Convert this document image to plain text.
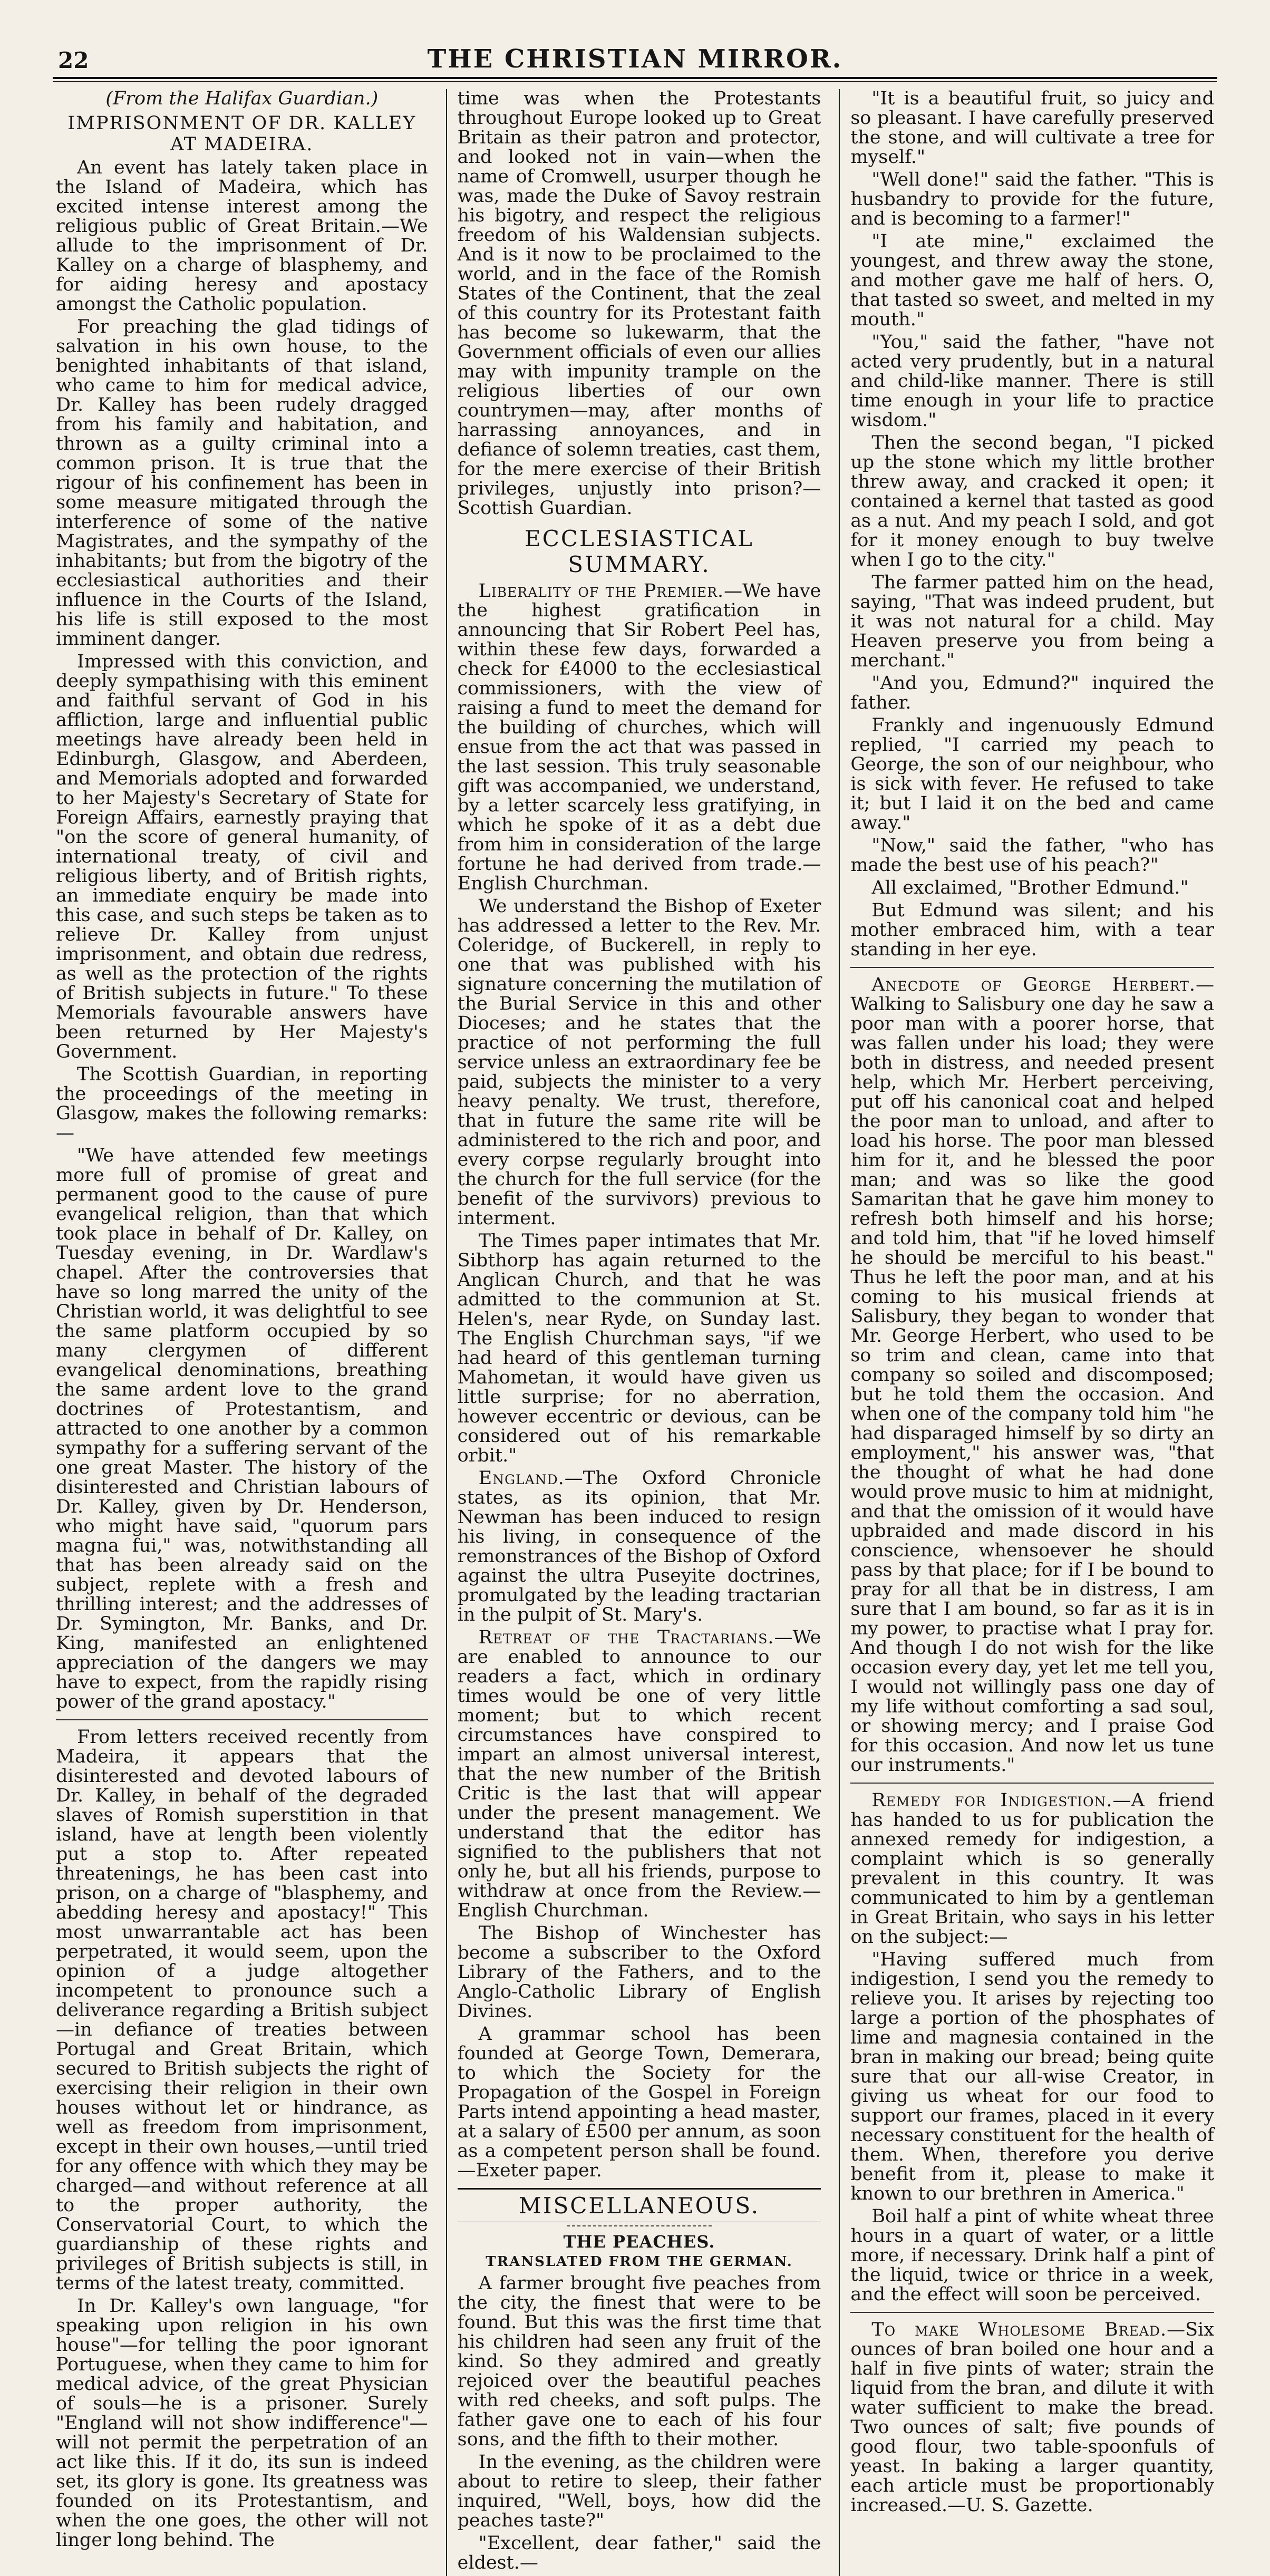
22	THE CHRISTIAN MIRROR.

(From the Halifax Guardian.)

IMPRISONMENT OF DR. KALLEY AT MADEIRA.

An event has lately taken place in the Island of Madeira, which has excited intense interest among the religious public of Great Britain.—We allude to the imprisonment of Dr. Kalley on a charge of blasphemy, and for aiding heresy and apostacy amongst the Catholic population.

For preaching the glad tidings of salvation in his own house, to the benighted inhabitants of that island, who came to him for medical advice, Dr. Kalley has been rudely dragged from his family and habitation, and thrown as a guilty criminal into a common prison. It is true that the rigour of his confinement has been in some measure mitigated through the interference of some of the native Magistrates, and the sympathy of the inhabitants; but from the bigotry of the ecclesiastical authorities and their influence in the Courts of the Island, his life is still exposed to the most imminent danger.

Impressed with this conviction, and deeply sympathising with this eminent and faithful servant of God in his affliction, large and influential public meetings have already been held in Edinburgh, Glasgow, and Aberdeen, and Memorials adopted and forwarded to her Majesty's Secretary of State for Foreign Affairs, earnestly praying that "on the score of general humanity, of international treaty, of civil and religious liberty, and of British rights, an immediate enquiry be made into this case, and such steps be taken as to relieve Dr. Kalley from unjust imprisonment, and obtain due redress, as well as the protection of the rights of British subjects in future." To these Memorials favourable answers have been returned by Her Majesty's Government.

The Scottish Guardian, in reporting the proceedings of the meeting in Glasgow, makes the following remarks:—

"We have attended few meetings more full of promise of great and permanent good to the cause of pure evangelical religion, than that which took place in behalf of Dr. Kalley, on Tuesday evening, in Dr. Wardlaw's chapel. After the controversies that have so long marred the unity of the Christian world, it was delightful to see the same platform occupied by so many clergymen of different evangelical denominations, breathing the same ardent love to the grand doctrines of Protestantism, and attracted to one another by a common sympathy for a suffering servant of the one great Master. The history of the disinterested and Christian labours of Dr. Kalley, given by Dr. Henderson, who might have said, "quorum pars magna fui," was, notwithstanding all that has been already said on the subject, replete with a fresh and thrilling interest; and the addresses of Dr. Symington, Mr. Banks, and Dr. King, manifested an enlightened appreciation of the dangers we may have to expect, from the rapidly rising power of the grand apostacy."

From letters received recently from Madeira, it appears that the disinterested and devoted labours of Dr. Kalley, in behalf of the degraded slaves of Romish superstition in that island, have at length been violently put a stop to. After repeated threatenings, he has been cast into prison, on a charge of "blasphemy, and abedding heresy and apostacy!" This most unwarrantable act has been perpetrated, it would seem, upon the opinion of a judge altogether incompetent to pronounce such a deliverance regarding a British subject—in defiance of treaties between Portugal and Great Britain, which secured to British subjects the right of exercising their religion in their own houses without let or hindrance, as well as freedom from imprisonment, except in their own houses,—until tried for any offence with which they may be charged—and without reference at all to the proper authority, the Conservatorial Court, to which the guardianship of these rights and privileges of British subjects is still, in terms of the latest treaty, committed.

In Dr. Kalley's own language, "for speaking upon religion in his own house"—for telling the poor ignorant Portuguese, when they came to him for medical advice, of the great Physician of souls—he is a prisoner. Surely "England will not show indifference"—will not permit the perpetration of an act like this. If it do, its sun is indeed set, its glory is gone. Its greatness was founded on its Protestantism, and when the one goes, the other will not linger long behind. The

time was when the Protestants throughout Europe looked up to Great Britain as their patron and protector, and looked not in vain—when the name of Cromwell, usurper though he was, made the Duke of Savoy restrain his bigotry, and respect the religious freedom of his Waldensian subjects. And is it now to be proclaimed to the world, and in the face of the Romish States of the Continent, that the zeal of this country for its Protestant faith has become so lukewarm, that the Government officials of even our allies may with impunity trample on the religious liberties of our own countrymen—may, after months of harrassing annoyances, and in defiance of solemn treaties, cast them, for the mere exercise of their British privileges, unjustly into prison?—Scottish Guardian.

ECCLESIASTICAL SUMMARY.

Liberality of the Premier.—We have the highest gratification in announcing that Sir Robert Peel has, within these few days, forwarded a check for £4000 to the ecclesiastical commissioners, with the view of raising a fund to meet the demand for the building of churches, which will ensue from the act that was passed in the last session. This truly seasonable gift was accompanied, we understand, by a letter scarcely less gratifying, in which he spoke of it as a debt due from him in consideration of the large fortune he had derived from trade.—English Churchman.

We understand the Bishop of Exeter has addressed a letter to the Rev. Mr. Coleridge, of Buckerell, in reply to one that was published with his signature concerning the mutilation of the Burial Service in this and other Dioceses; and he states that the practice of not performing the full service unless an extraordinary fee be paid, subjects the minister to a very heavy penalty. We trust, therefore, that in future the same rite will be administered to the rich and poor, and every corpse regularly brought into the church for the full service (for the benefit of the survivors) previous to interment.

The Times paper intimates that Mr. Sibthorp has again returned to the Anglican Church, and that he was admitted to the communion at St. Helen's, near Ryde, on Sunday last. The English Churchman says, "if we had heard of this gentleman turning Mahometan, it would have given us little surprise; for no aberration, however eccentric or devious, can be considered out of his remarkable orbit."

England.—The Oxford Chronicle states, as its opinion, that Mr. Newman has been induced to resign his living, in consequence of the remonstrances of the Bishop of Oxford against the ultra Puseyite doctrines, promulgated by the leading tractarian in the pulpit of St. Mary's.

Retreat of the Tractarians.—We are enabled to announce to our readers a fact, which in ordinary times would be one of very little moment; but to which recent circumstances have conspired to impart an almost universal interest, that the new number of the British Critic is the last that will appear under the present management. We understand that the editor has signified to the publishers that not only he, but all his friends, purpose to withdraw at once from the Review.—English Churchman.

The Bishop of Winchester has become a subscriber to the Oxford Library of the Fathers, and to the Anglo-Catholic Library of English Divines.

A grammar school has been founded at George Town, Demerara, to which the Society for the Propagation of the Gospel in Foreign Parts intend appointing a head master, at a salary of £500 per annum, as soon as a competent person shall be found.—Exeter paper.

MISCELLANEOUS.
THE PEACHES.
TRANSLATED FROM THE GERMAN.

A farmer brought five peaches from the city, the finest that were to be found. But this was the first time that his children had seen any fruit of the kind. So they admired and greatly rejoiced over the beautiful peaches with red cheeks, and soft pulps. The father gave one to each of his four sons, and the fifth to their mother.

In the evening, as the children were about to retire to sleep, their father inquired, "Well, boys, how did the peaches taste?"

"Excellent, dear father," said the eldest.—

"It is a beautiful fruit, so juicy and so pleasant. I have carefully preserved the stone, and will cultivate a tree for myself."

"Well done!" said the father. "This is husbandry to provide for the future, and is becoming to a farmer!"

"I ate mine," exclaimed the youngest, and threw away the stone, and mother gave me half of hers. O, that tasted so sweet, and melted in my mouth."

"You," said the father, "have not acted very prudently, but in a natural and child-like manner. There is still time enough in your life to practice wisdom."

Then the second began, "I picked up the stone which my little brother threw away, and cracked it open; it contained a kernel that tasted as good as a nut. And my peach I sold, and got for it money enough to buy twelve when I go to the city."

The farmer patted him on the head, saying, "That was indeed prudent, but it was not natural for a child. May Heaven preserve you from being a merchant."

"And you, Edmund?" inquired the father.

Frankly and ingenuously Edmund replied, "I carried my peach to George, the son of our neighbour, who is sick with fever. He refused to take it; but I laid it on the bed and came away."

"Now," said the father, "who has made the best use of his peach?"

All exclaimed, "Brother Edmund."

But Edmund was silent; and his mother embraced him, with a tear standing in her eye.

Anecdote of George Herbert.—Walking to Salisbury one day he saw a poor man with a poorer horse, that was fallen under his load; they were both in distress, and needed present help, which Mr. Herbert perceiving, put off his canonical coat and helped the poor man to unload, and after to load his horse. The poor man blessed him for it, and he blessed the poor man; and was so like the good Samaritan that he gave him money to refresh both himself and his horse; and told him, that "if he loved himself he should be merciful to his beast." Thus he left the poor man, and at his coming to his musical friends at Salisbury, they began to wonder that Mr. George Herbert, who used to be so trim and clean, came into that company so soiled and discomposed; but he told them the occasion. And when one of the company told him "he had disparaged himself by so dirty an employment," his answer was, "that the thought of what he had done would prove music to him at midnight, and that the omission of it would have upbraided and made discord in his conscience, whensoever he should pass by that place; for if I be bound to pray for all that be in distress, I am sure that I am bound, so far as it is in my power, to practise what I pray for. And though I do not wish for the like occasion every day, yet let me tell you, I would not willingly pass one day of my life without comforting a sad soul, or showing mercy; and I praise God for this occasion. And now let us tune our instruments."

Remedy for Indigestion.—A friend has handed to us for publication the annexed remedy for indigestion, a complaint which is so generally prevalent in this country. It was communicated to him by a gentleman in Great Britain, who says in his letter on the subject:—

"Having suffered much from indigestion, I send you the remedy to relieve you. It arises by rejecting too large a portion of the phosphates of lime and magnesia contained in the bran in making our bread; being quite sure that our all-wise Creator, in giving us wheat for our food to support our frames, placed in it every necessary constituent for the health of them. When, therefore you derive benefit from it, please to make it known to our brethren in America."

Boil half a pint of white wheat three hours in a quart of water, or a little more, if necessary. Drink half a pint of the liquid, twice or thrice in a week, and the effect will soon be perceived.

To make Wholesome Bread.—Six ounces of bran boiled one hour and a half in five pints of water; strain the liquid from the bran, and dilute it with water sufficient to make the bread. Two ounces of salt; five pounds of good flour, two table-spoonfuls of yeast. In baking a larger quantity, each article must be proportionably increased.—U. S. Gazette.
